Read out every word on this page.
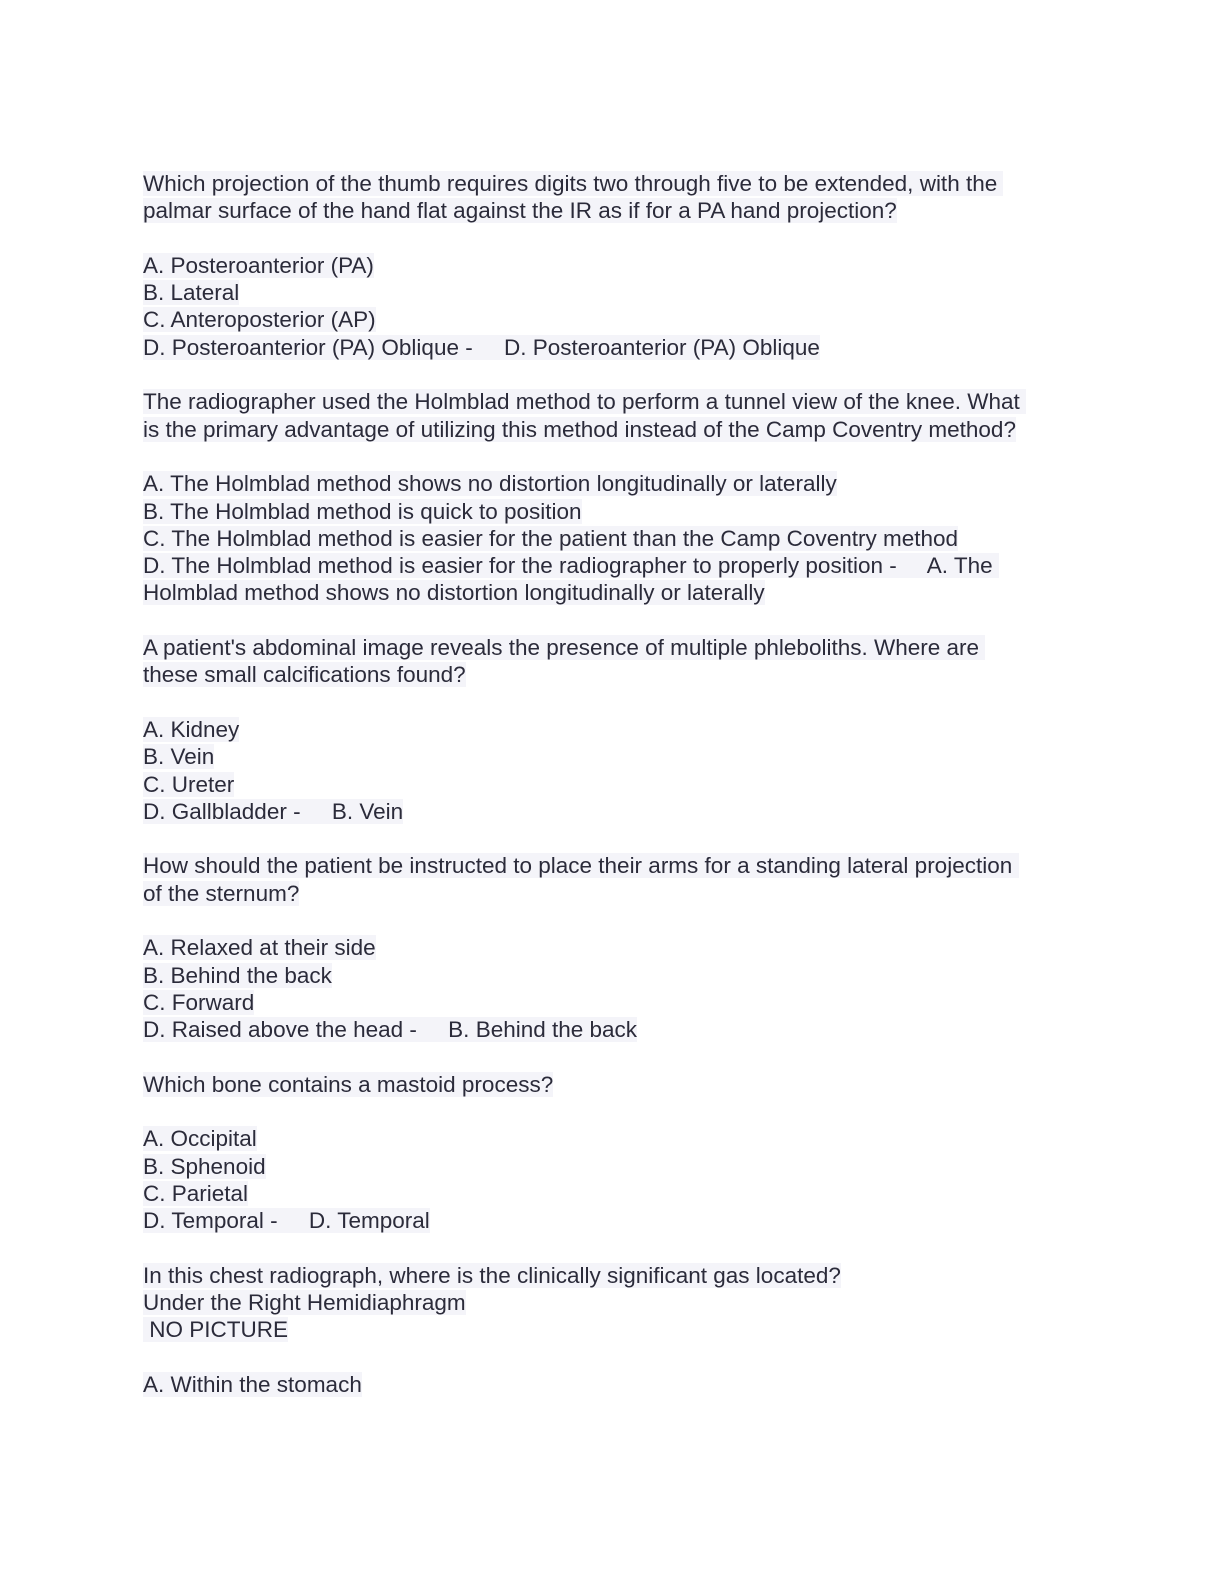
Which projection of the thumb requires digits two through five to be extended, with the
palmar surface of the hand flat against the IR as if for a PA hand projection?
A. Posteroanterior (PA)
B. Lateral
C. Anteroposterior (AP)
D. Posteroanterior (PA) Oblique -     D. Posteroanterior (PA) Oblique
The radiographer used the Holmblad method to perform a tunnel view of the knee. What
is the primary advantage of utilizing this method instead of the Camp Coventry method?
A. The Holmblad method shows no distortion longitudinally or laterally
B. The Holmblad method is quick to position
C. The Holmblad method is easier for the patient than the Camp Coventry method
D. The Holmblad method is easier for the radiographer to properly position -     A. The
Holmblad method shows no distortion longitudinally or laterally
A patient's abdominal image reveals the presence of multiple phleboliths. Where are
these small calcifications found?
A. Kidney
B. Vein
C. Ureter
D. Gallbladder -     B. Vein
How should the patient be instructed to place their arms for a standing lateral projection
of the sternum?
A. Relaxed at their side
B. Behind the back
C. Forward
D. Raised above the head -     B. Behind the back
Which bone contains a mastoid process?
A. Occipital
B. Sphenoid
C. Parietal
D. Temporal -     D. Temporal
In this chest radiograph, where is the clinically significant gas located?
Under the Right Hemidiaphragm
NO PICTURE
A. Within the stomach
